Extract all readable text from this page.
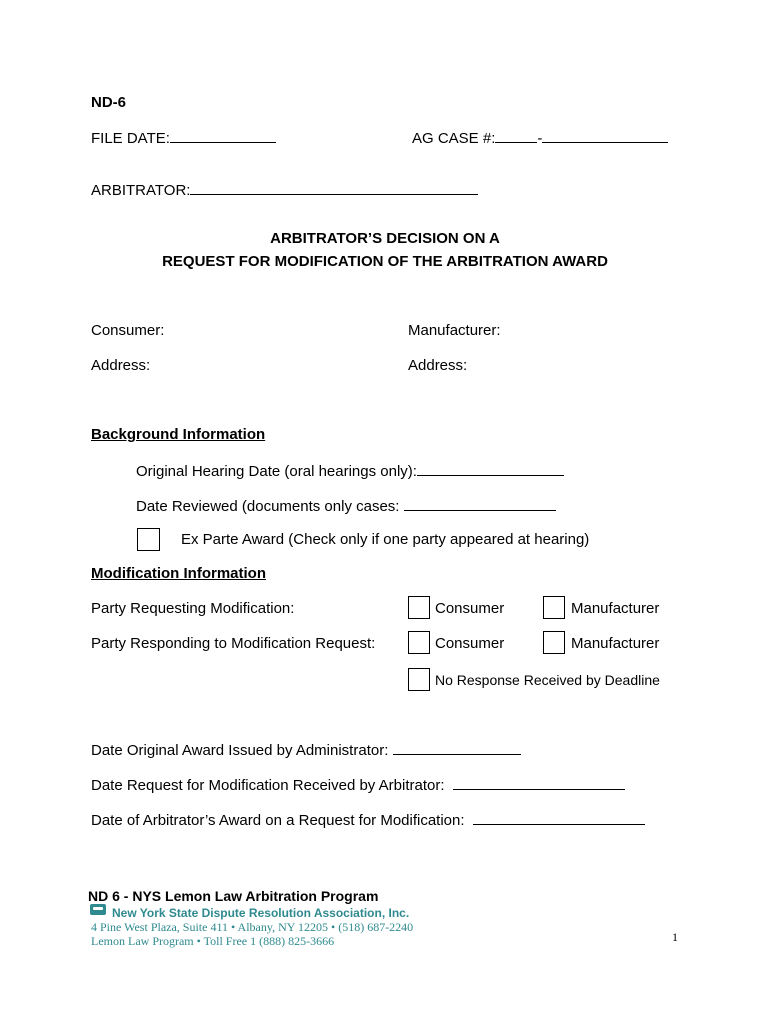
ND-6
FILE DATE:	AG CASE #:	-
ARBITRATOR:
ARBITRATOR’S DECISION ON A
REQUEST FOR MODIFICATION OF THE ARBITRATION AWARD
Consumer:	Manufacturer:
Address:	Address:
Background Information
Original Hearing Date (oral hearings only):
Date Reviewed (documents only cases:
Ex Parte Award (Check only if one party appeared at hearing)
Modification Information
Party Requesting Modification:	Consumer	Manufacturer
Party Responding to Modification Request:	Consumer	Manufacturer
No Response Received by Deadline
Date Original Award Issued by Administrator:
Date Request for Modification Received by Arbitrator:
Date of Arbitrator’s Award on a Request for Modification:
ND 6 - NYS Lemon Law Arbitration Program
New York State Dispute Resolution Association, Inc.
4 Pine West Plaza, Suite 411 • Albany, NY 12205 • (518) 687-2240
Lemon Law Program • Toll Free 1 (888) 825-3666	1
